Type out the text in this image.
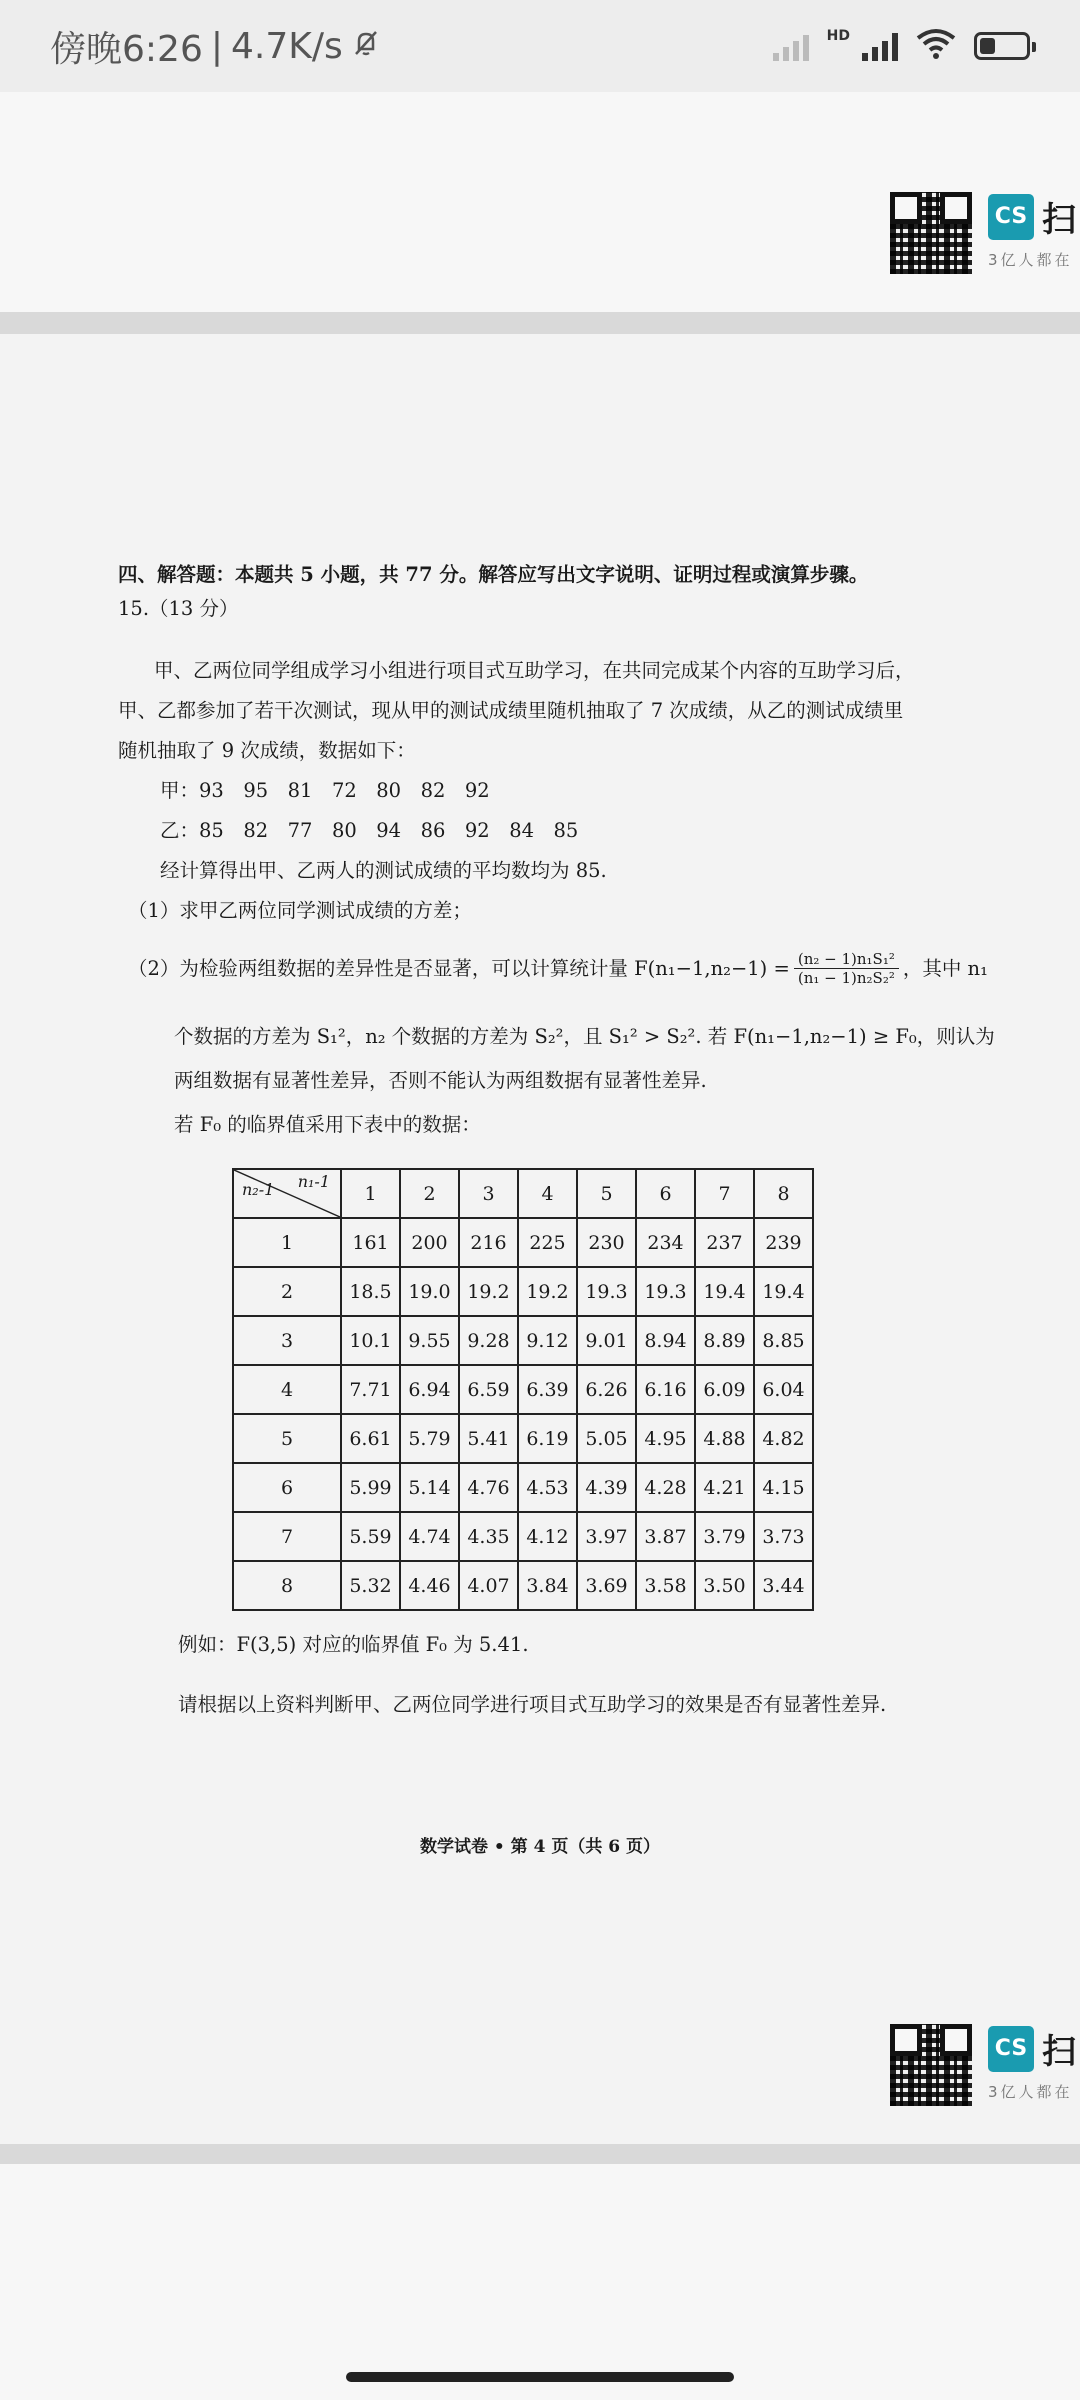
傍晚6:26 | 4.7K/s	HD
CS 扫
3亿人都在
四、解答题：本题共 5 小题，共 77 分。解答应写出文字说明、证明过程或演算步骤。
15.（13 分）
甲、乙两位同学组成学习小组进行项目式互助学习，在共同完成某个内容的互助学习后，
甲、乙都参加了若干次测试，现从甲的测试成绩里随机抽取了 7 次成绩，从乙的测试成绩里
随机抽取了 9 次成绩，数据如下：
甲：93　95　81　72　80　82　92
乙：85　82　77　80　94　86　92　84　85
经计算得出甲、乙两人的测试成绩的平均数均为 85.
（1）求甲乙两位同学测试成绩的方差；
（2）为检验两组数据的差异性是否显著，可以计算统计量 $F(n_1-1,n_2-1) = \frac{\text{(n₂ − 1)n₁S₁²}}{\text{(n₁ − 1)n₂S₂²}}$ ，其中 n₁
个数据的方差为 S₁²，n₂ 个数据的方差为 S₂²，且 S₁² > S₂². 若 F(n₁−1,n₂−1) ≥ F₀，则认为
两组数据有显著性差异，否则不能认为两组数据有显著性差异.
若 F₀ 的临界值采用下表中的数据：
n₁-1
n₂-1	1	2	3	4	5	6	7	8
1	161	200	216	225	230	234	237	239
2	18.5	19.0	19.2	19.2	19.3	19.3	19.4	19.4
3	10.1	9.55	9.28	9.12	9.01	8.94	8.89	8.85
4	7.71	6.94	6.59	6.39	6.26	6.16	6.09	6.04
5	6.61	5.79	5.41	6.19	5.05	4.95	4.88	4.82
6	5.99	5.14	4.76	4.53	4.39	4.28	4.21	4.15
7	5.59	4.74	4.35	4.12	3.97	3.87	3.79	3.73
8	5.32	4.46	4.07	3.84	3.69	3.58	3.50	3.44
例如：F(3,5) 对应的临界值 F₀ 为 5.41.
请根据以上资料判断甲、乙两位同学进行项目式互助学习的效果是否有显著性差异.
数学试卷 • 第 4 页（共 6 页）
CS 扫
3亿人都在
